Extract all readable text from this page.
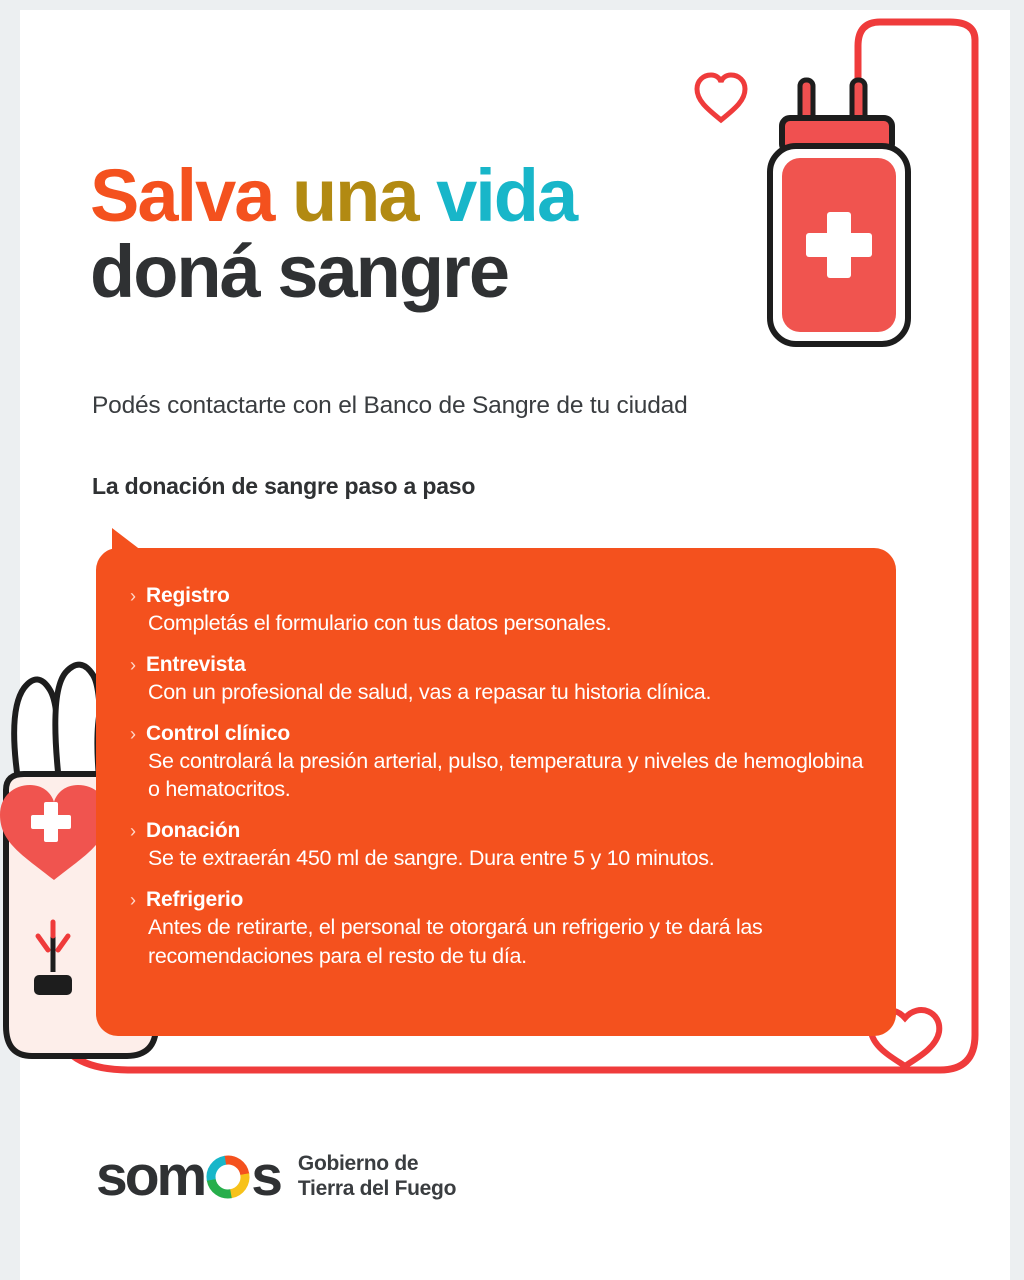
Salva una vida
doná sangre
Podés contactarte con el Banco de Sangre de tu ciudad
La donación de sangre paso a paso
› Registro
Completás el formulario con tus datos personales.
› Entrevista
Con un profesional de salud, vas a repasar tu historia clínica.
› Control clínico
Se controlará la presión arterial, pulso, temperatura y niveles de hemoglobina o hematocritos.
› Donación
Se te extraerán 450 ml de sangre. Dura entre 5 y 10 minutos.
› Refrigerio
Antes de retirarte, el personal te otorgará un refrigerio y te dará las recomendaciones para el resto de tu día.
som s Gobierno de
Tierra del Fuego
